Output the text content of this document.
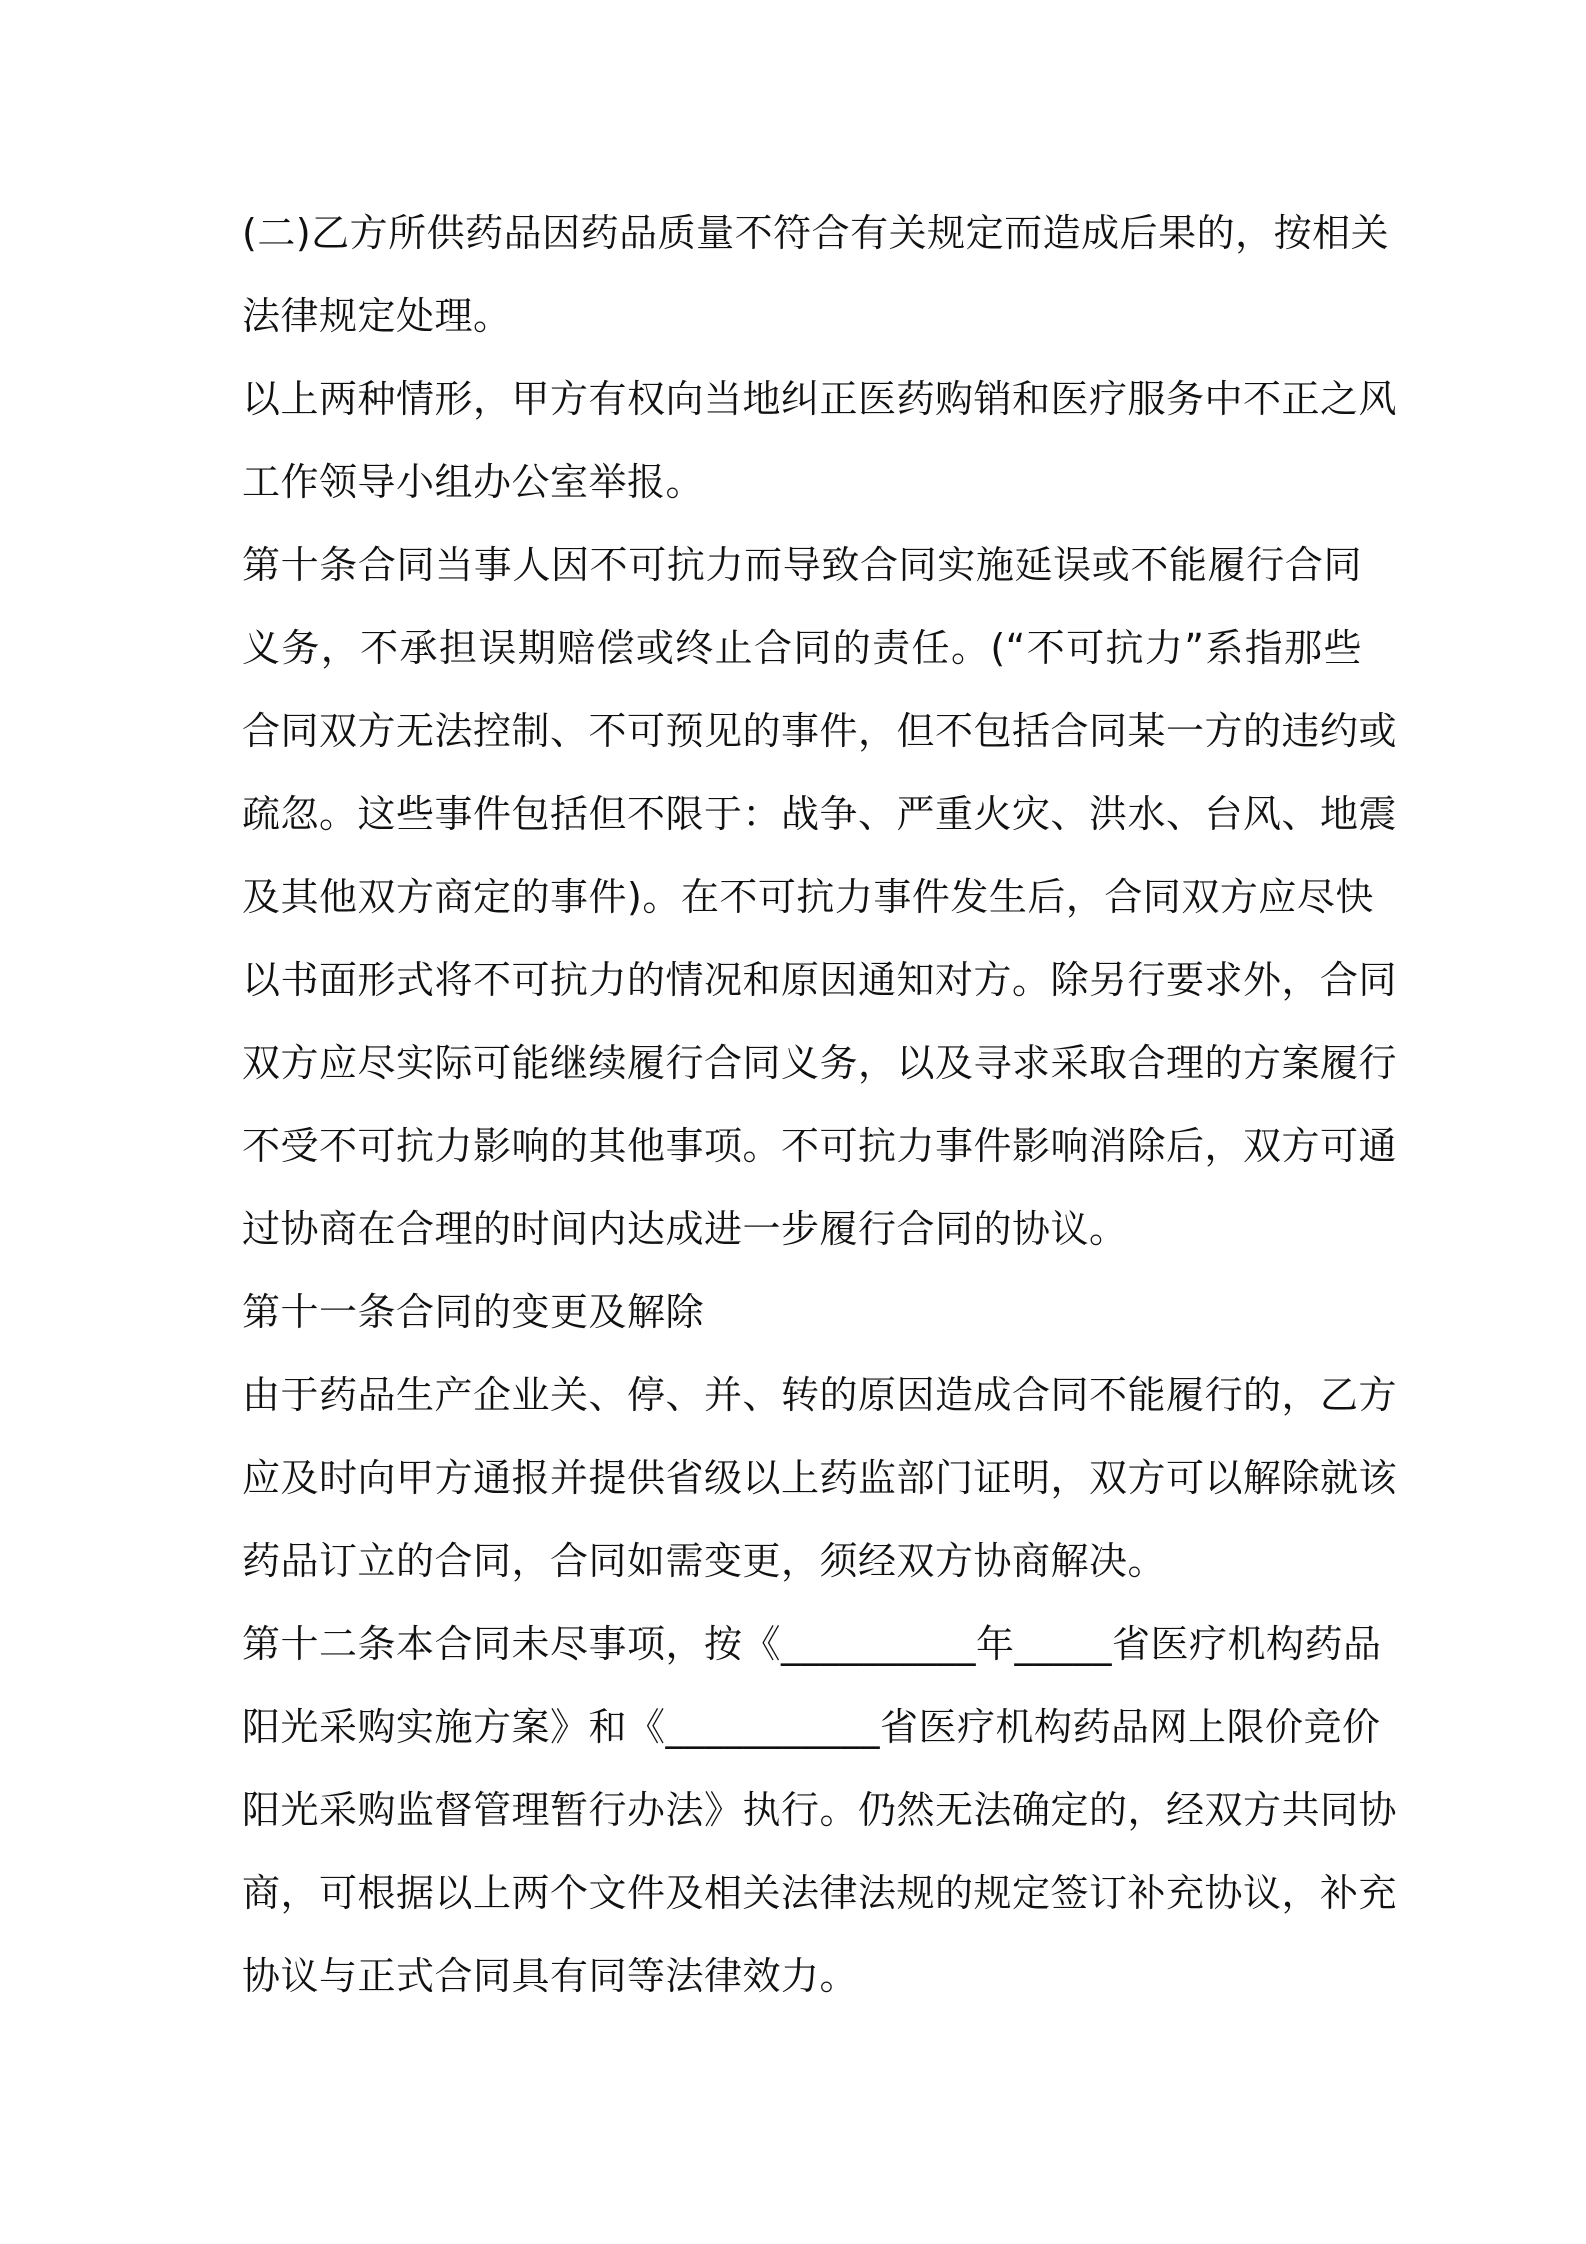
(二)乙方所供药品因药品质量不符合有关规定而造成后果的，按相关
法律规定处理。
以上两种情形，甲方有权向当地纠正医药购销和医疗服务中不正之风
工作领导小组办公室举报。
第十条合同当事人因不可抗力而导致合同实施延误或不能履行合同
义务，不承担误期赔偿或终止合同的责任。(“不可抗力”系指那些
合同双方无法控制、不可预见的事件，但不包括合同某一方的违约或
疏忽。这些事件包括但不限于：战争、严重火灾、洪水、台风、地震
及其他双方商定的事件)。在不可抗力事件发生后，合同双方应尽快
以书面形式将不可抗力的情况和原因通知对方。除另行要求外，合同
双方应尽实际可能继续履行合同义务，以及寻求采取合理的方案履行
不受不可抗力影响的其他事项。不可抗力事件影响消除后，双方可通
过协商在合理的时间内达成进一步履行合同的协议。
第十一条合同的变更及解除
由于药品生产企业关、停、并、转的原因造成合同不能履行的，乙方
应及时向甲方通报并提供省级以上药监部门证明，双方可以解除就该
药品订立的合同，合同如需变更，须经双方协商解决。
第十二条本合同未尽事项，按《__________年_____省医疗机构药品
阳光采购实施方案》和《___________省医疗机构药品网上限价竞价
阳光采购监督管理暂行办法》执行。仍然无法确定的，经双方共同协
商，可根据以上两个文件及相关法律法规的规定签订补充协议，补充
协议与正式合同具有同等法律效力。
